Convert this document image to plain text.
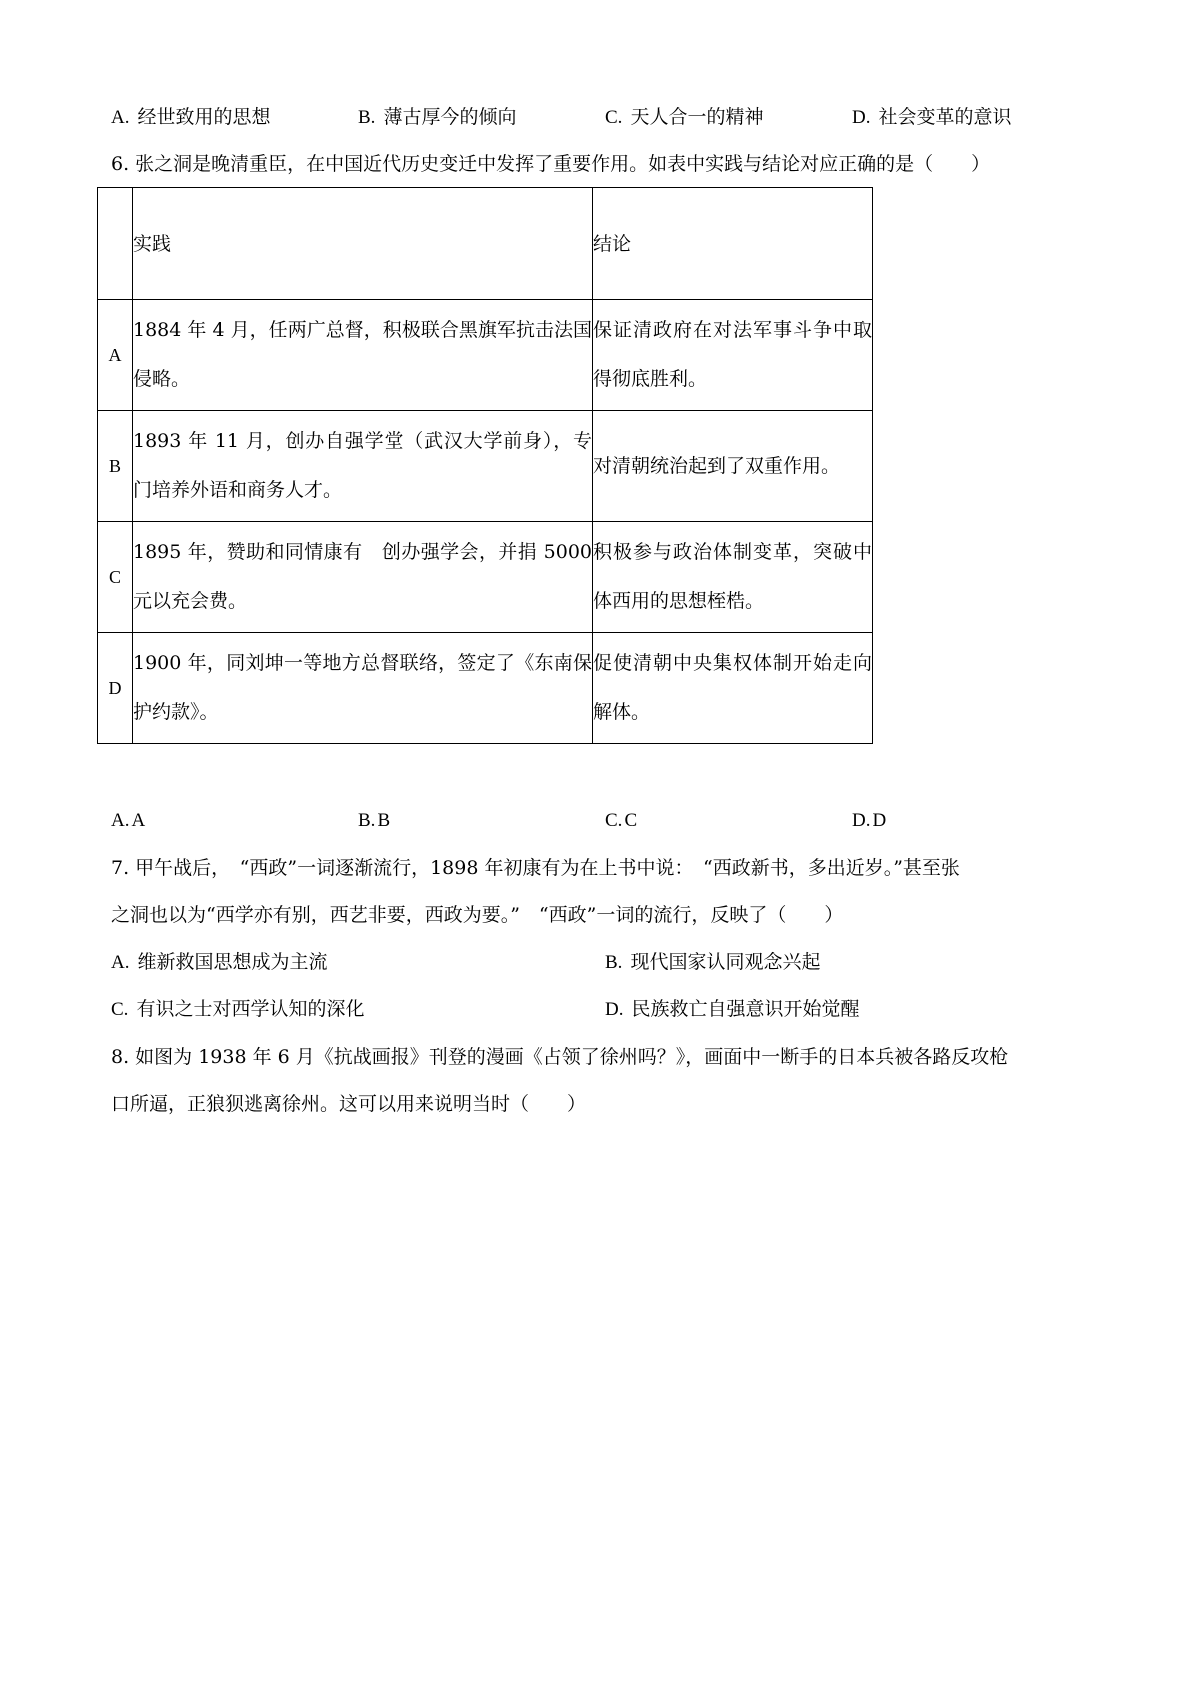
A. 经世致用的思想	B. 薄古厚今的倾向	C. 天人合一的精神	D. 社会变革的意识
6. 张之洞是晚清重臣，在中国近代历史变迁中发挥了重要作用。如表中实践与结论对应正确的是（　　）
	实践	结论
A	1884 年 4 月，任两广总督，积极联合黑旗军抗击法国侵略。	保证清政府在对法军事斗争中取得彻底胜利。
B	1893 年 11 月，创办自强学堂（武汉大学前身），专门培养外语和商务人才。	对清朝统治起到了双重作用。
C	1895 年，赞助和同情康有　创办强学会，并捐 5000 元以充会费。	积极参与政治体制变革，突破中体西用的思想桎梏。
D	1900 年，同刘坤一等地方总督联络，签定了《东南保护约款》。	促使清朝中央集权体制开始走向解体。
A. A	B. B	C. C	D. D
7. 甲午战后，　“西政”一词逐渐流行，1898 年初康有为在上书中说：　“西政新书，多出近岁。”甚至张
之洞也以为“西学亦有别，西艺非要，西政为要。”　“西政”一词的流行，反映了（　　）
A. 维新救国思想成为主流	B. 现代国家认同观念兴起
C. 有识之士对西学认知的深化	D. 民族救亡自强意识开始觉醒
8. 如图为 1938 年 6 月《抗战画报》刊登的漫画《占领了徐州吗？》，画面中一断手的日本兵被各路反攻枪
口所逼，正狼狈逃离徐州。这可以用来说明当时（　　）
